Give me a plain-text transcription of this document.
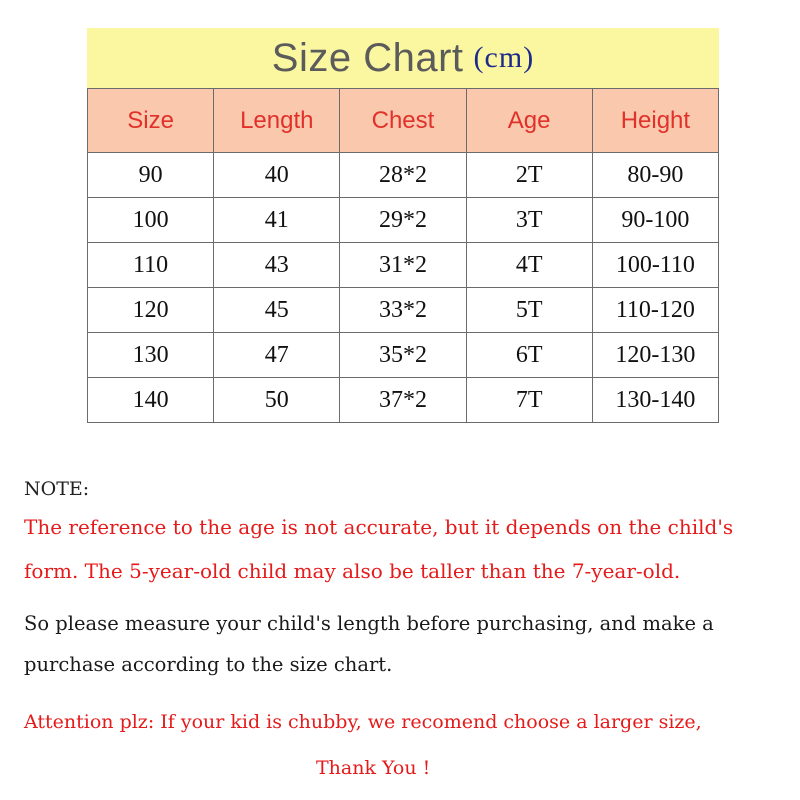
Size Chart (cm)
Size	Length	Chest	Age	Height
90	40	28*2	2T	80-90
100	41	29*2	3T	90-100
110	43	31*2	4T	100-110
120	45	33*2	5T	110-120
130	47	35*2	6T	120-130
140	50	37*2	7T	130-140
NOTE:
The reference to the age is not accurate, but it depends on the child's
form. The 5-year-old child may also be taller than the 7-year-old.
So please measure your child's length before purchasing, and make a
purchase according to the size chart.
Attention plz: If your kid is chubby, we recomend choose a larger size,
Thank You !
